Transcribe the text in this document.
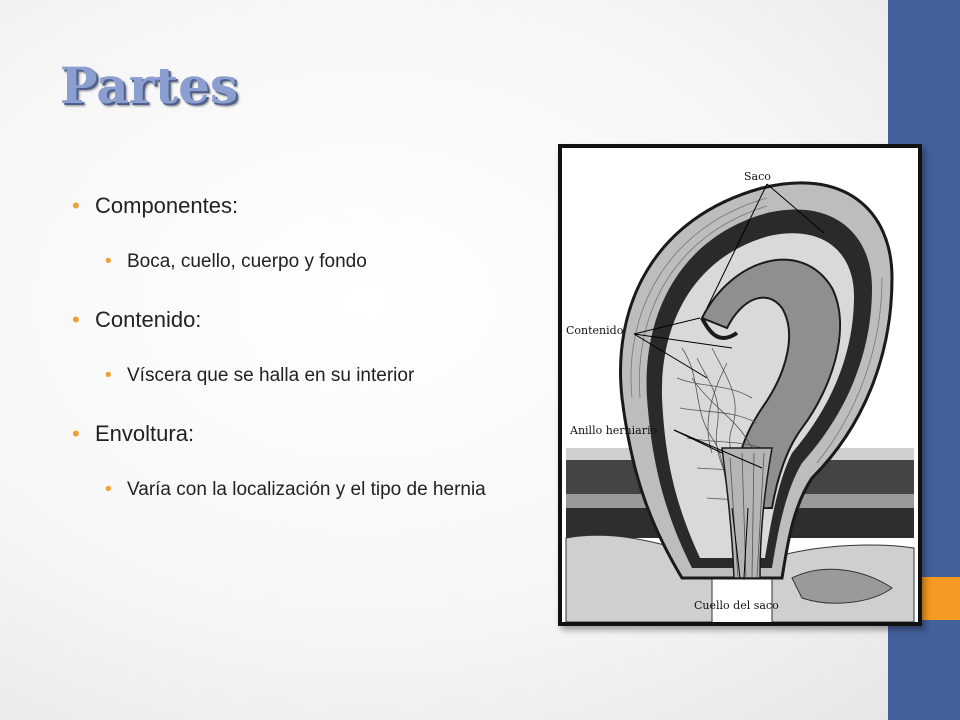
Partes
• Componentes:
• Boca, cuello, cuerpo y fondo
• Contenido:
• Víscera que se halla en su interior
• Envoltura:
• Varía con la localización y el tipo de hernia
Saco
Contenido
Anillo herniario
Cuello del saco
